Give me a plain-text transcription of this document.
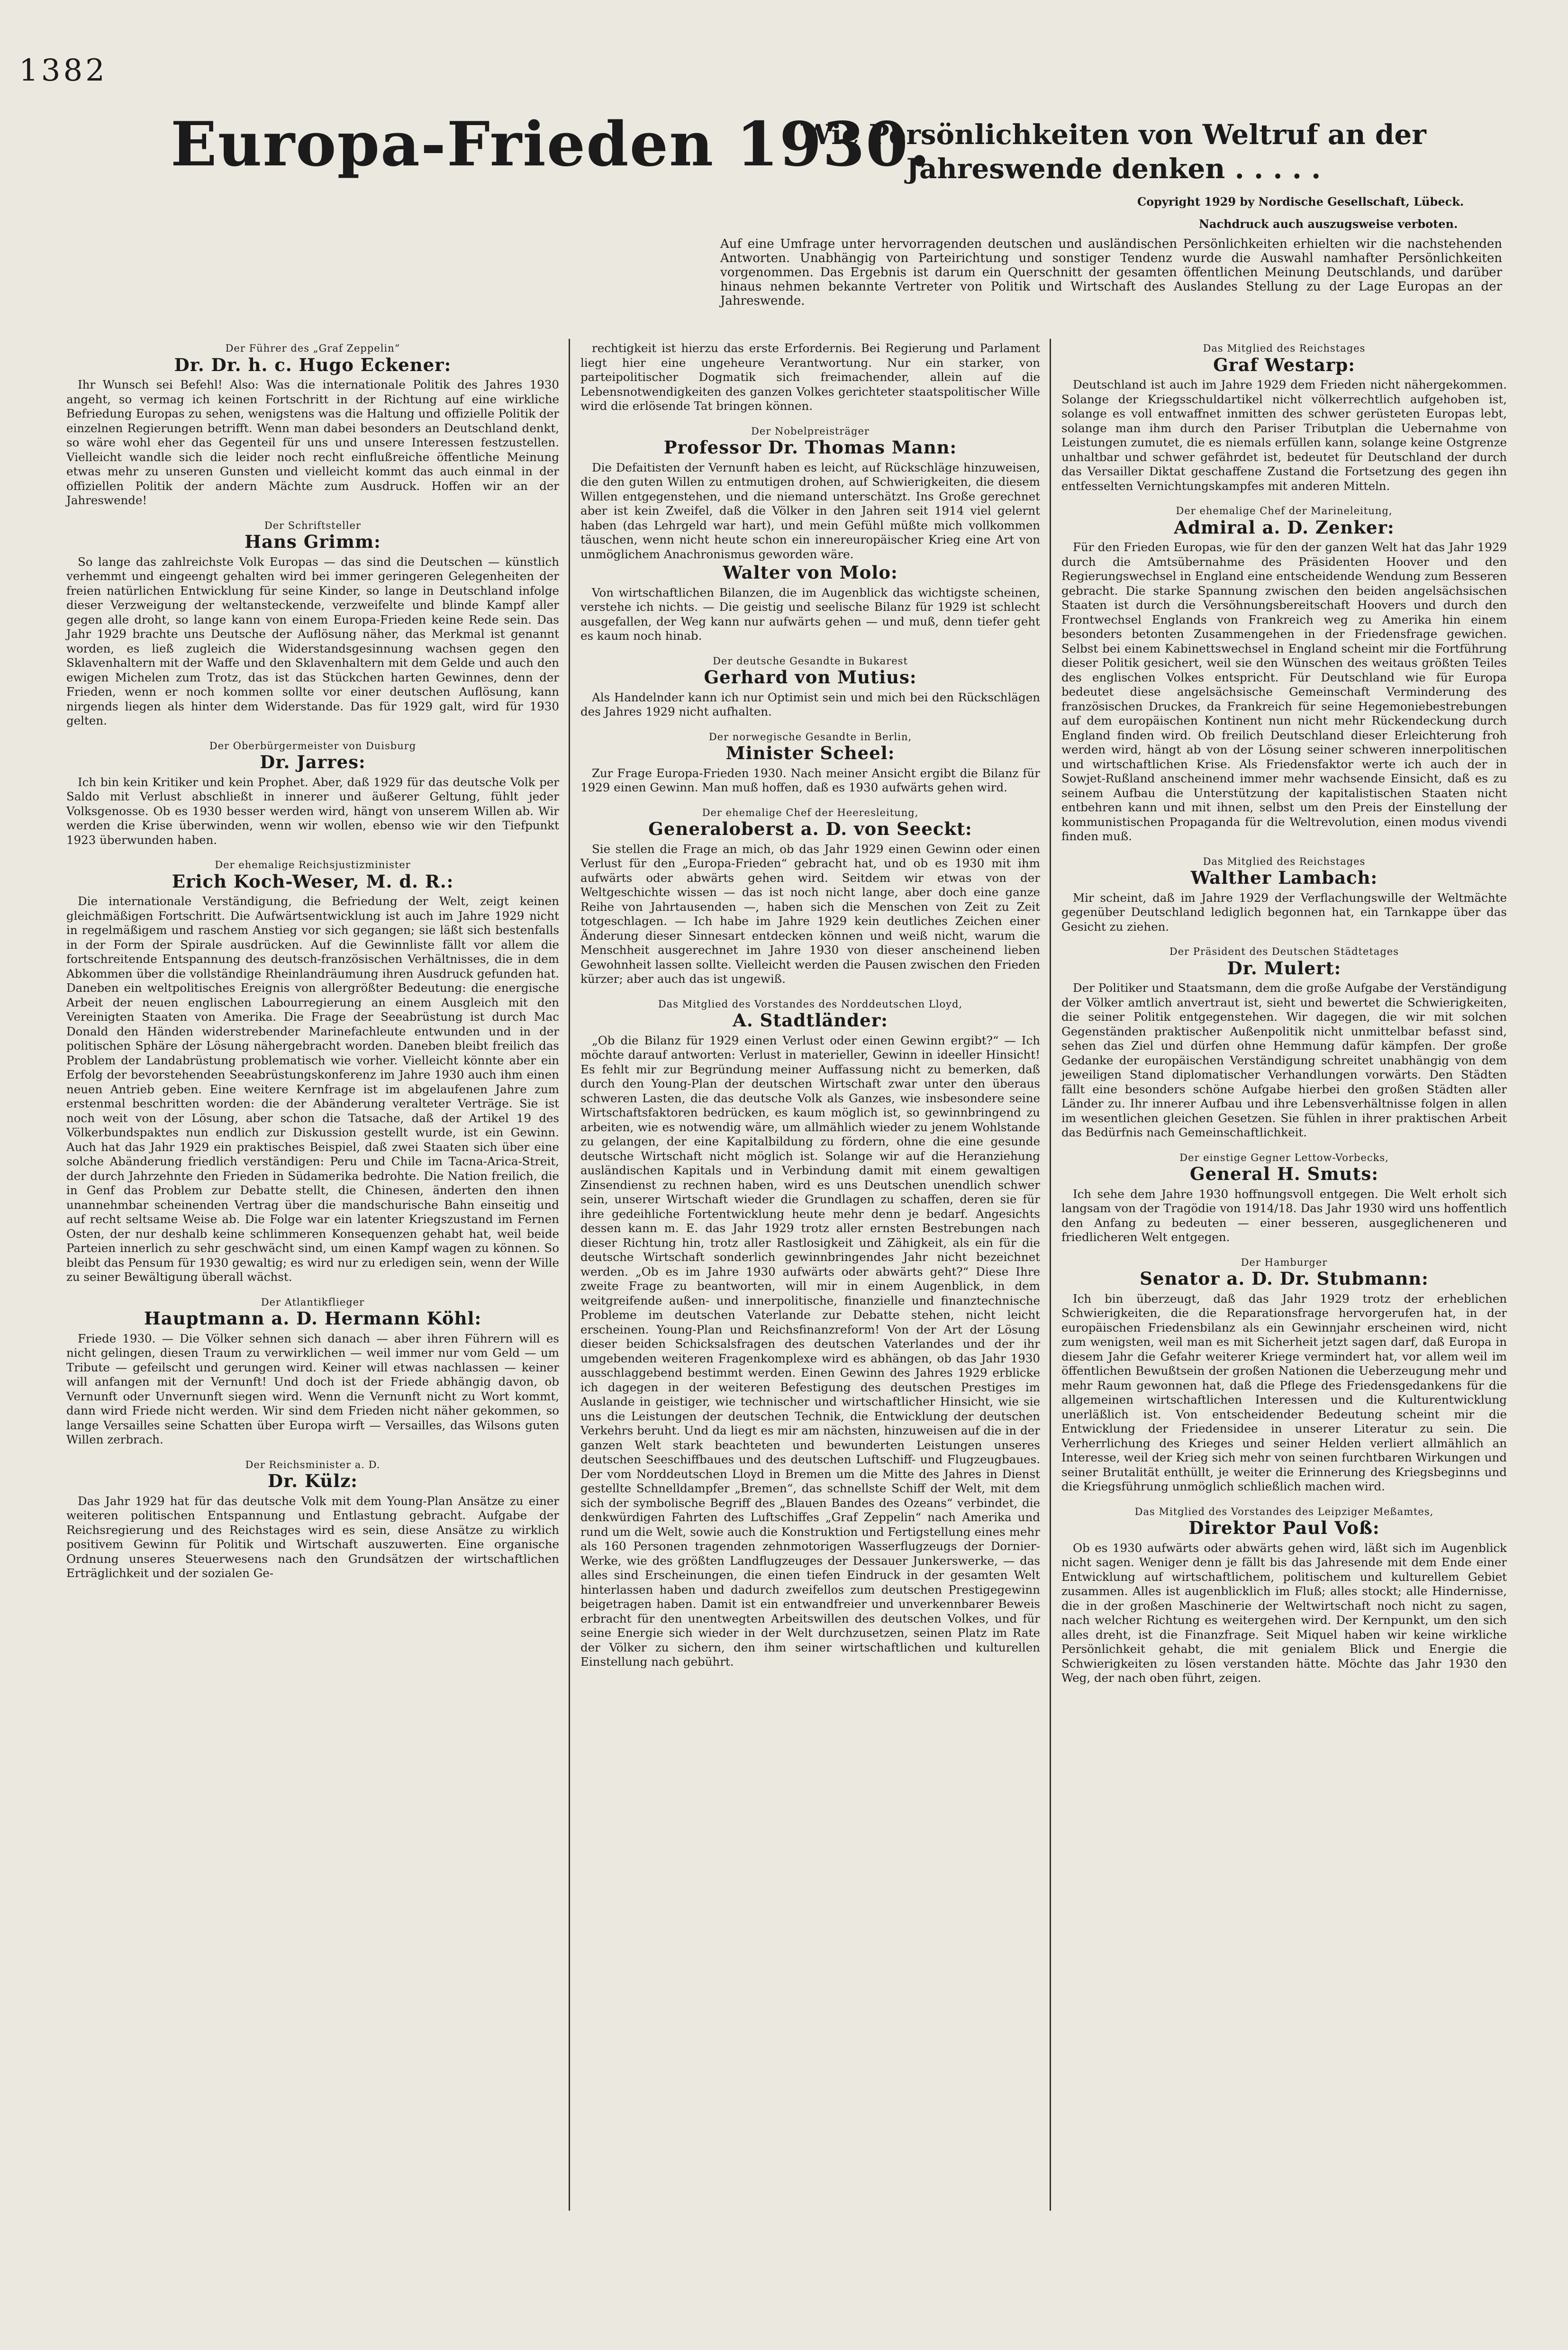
1382
Europa-Frieden 1930.
Wie Persönlichkeiten von Weltruf an der Jahreswende denken . . . . .
Copyright 1929 by Nordische Gesellschaft, Lübeck.
Nachdruck auch auszugsweise verboten.
Auf eine Umfrage unter hervorragenden deutschen und ausländischen Persönlichkeiten erhielten wir die nachstehenden Antworten. Unabhängig von Parteirichtung und sonstiger Tendenz wurde die Auswahl namhafter Persönlichkeiten vorgenommen. Das Ergebnis ist darum ein Querschnitt der gesamten öffentlichen Meinung Deutschlands, und darüber hinaus nehmen bekannte Vertreter von Politik und Wirtschaft des Auslandes Stellung zu der Lage Europas an der Jahreswende.
Der Führer des „Graf Zeppelin“
Dr. Dr. h. c. Hugo Eckener:

Ihr Wunsch sei Befehl! Also: Was die internationale Politik des Jahres 1930 angeht, so vermag ich keinen Fortschritt in der Richtung auf eine wirkliche Befriedung Europas zu sehen, wenigstens was die Haltung und offizielle Politik der einzelnen Regierungen betrifft. Wenn man dabei besonders an Deutschland denkt, so wäre wohl eher das Gegenteil für uns und unsere Interessen festzustellen. Vielleicht wandle sich die leider noch recht einflußreiche öffentliche Meinung etwas mehr zu unseren Gunsten und vielleicht kommt das auch einmal in der offiziellen Politik der andern Mächte zum Ausdruck. Hoffen wir an der Jahreswende!

Der Schriftsteller
Hans Grimm:

So lange das zahlreichste Volk Europas — das sind die Deutschen — künstlich verhemmt und eingeengt gehalten wird bei immer geringeren Gelegenheiten der freien natürlichen Entwicklung für seine Kinder, so lange in Deutschland infolge dieser Verzweigung der weltansteckende, verzweifelte und blinde Kampf aller gegen alle droht, so lange kann von einem Europa-Frieden keine Rede sein. Das Jahr 1929 brachte uns Deutsche der Auflösung näher, das Merkmal ist genannt worden, es ließ zugleich die Widerstandsgesinnung wachsen gegen den Sklavenhaltern mit der Waffe und den Sklavenhaltern mit dem Gelde und auch den ewigen Michelen zum Trotz, das ist das Stückchen harten Gewinnes, denn der Frieden, wenn er noch kommen sollte vor einer deutschen Auflösung, kann nirgends liegen als hinter dem Widerstande. Das für 1929 galt, wird für 1930 gelten.

Der Oberbürgermeister von Duisburg
Dr. Jarres:

Ich bin kein Kritiker und kein Prophet. Aber, daß 1929 für das deutsche Volk per Saldo mit Verlust abschließt in innerer und äußerer Geltung, fühlt jeder Volksgenosse. Ob es 1930 besser werden wird, hängt von unserem Willen ab. Wir werden die Krise überwinden, wenn wir wollen, ebenso wie wir den Tiefpunkt 1923 überwunden haben.

Der ehemalige Reichsjustizminister
Erich Koch-Weser, M. d. R.:

Die internationale Verständigung, die Befriedung der Welt, zeigt keinen gleichmäßigen Fortschritt. Die Aufwärtsentwicklung ist auch im Jahre 1929 nicht in regelmäßigem und raschem Anstieg vor sich gegangen; sie läßt sich bestenfalls in der Form der Spirale ausdrücken. Auf die Gewinnliste fällt vor allem die fortschreitende Entspannung des deutsch-französischen Verhältnisses, die in dem Abkommen über die vollständige Rheinlandräumung ihren Ausdruck gefunden hat. Daneben ein weltpolitisches Ereignis von allergrößter Bedeutung: die energische Arbeit der neuen englischen Labourregierung an einem Ausgleich mit den Vereinigten Staaten von Amerika. Die Frage der Seeabrüstung ist durch Mac Donald den Händen widerstrebender Marinefachleute entwunden und in der politischen Sphäre der Lösung nähergebracht worden. Daneben bleibt freilich das Problem der Landabrüstung problematisch wie vorher. Vielleicht könnte aber ein Erfolg der bevorstehenden Seeabrüstungskonferenz im Jahre 1930 auch ihm einen neuen Antrieb geben. Eine weitere Kernfrage ist im abgelaufenen Jahre zum erstenmal beschritten worden: die der Abänderung veralteter Verträge. Sie ist noch weit von der Lösung, aber schon die Tatsache, daß der Artikel 19 des Völkerbundspaktes nun endlich zur Diskussion gestellt wurde, ist ein Gewinn. Auch hat das Jahr 1929 ein praktisches Beispiel, daß zwei Staaten sich über eine solche Abänderung friedlich verständigen: Peru und Chile im Tacna-Arica-Streit, der durch Jahrzehnte den Frieden in Südamerika bedrohte. Die Nation freilich, die in Genf das Problem zur Debatte stellt, die Chinesen, änderten den ihnen unannehmbar scheinenden Vertrag über die mandschurische Bahn einseitig und auf recht seltsame Weise ab. Die Folge war ein latenter Kriegszustand im Fernen Osten, der nur deshalb keine schlimmeren Konsequenzen gehabt hat, weil beide Parteien innerlich zu sehr geschwächt sind, um einen Kampf wagen zu können. So bleibt das Pensum für 1930 gewaltig; es wird nur zu erledigen sein, wenn der Wille zu seiner Bewältigung überall wächst.

Der Atlantikflieger
Hauptmann a. D. Hermann Köhl:

Friede 1930. — Die Völker sehnen sich danach — aber ihren Führern will es nicht gelingen, diesen Traum zu verwirklichen — weil immer nur vom Geld — um Tribute — gefeilscht und gerungen wird. Keiner will etwas nachlassen — keiner will anfangen mit der Vernunft! Und doch ist der Friede abhängig davon, ob Vernunft oder Unvernunft siegen wird. Wenn die Vernunft nicht zu Wort kommt, dann wird Friede nicht werden. Wir sind dem Frieden nicht näher gekommen, so lange Versailles seine Schatten über Europa wirft — Versailles, das Wilsons guten Willen zerbrach.

Der Reichsminister a. D.
Dr. Külz:

Das Jahr 1929 hat für das deutsche Volk mit dem Young-Plan Ansätze zu einer weiteren politischen Entspannung und Entlastung gebracht. Aufgabe der Reichsregierung und des Reichstages wird es sein, diese Ansätze zu wirklich positivem Gewinn für Politik und Wirtschaft auszuwerten. Eine organische Ordnung unseres Steuerwesens nach den Grundsätzen der wirtschaftlichen Erträglichkeit und der sozialen Ge-

rechtigkeit ist hierzu das erste Erfordernis. Bei Regierung und Parlament liegt hier eine ungeheure Verantwortung. Nur ein starker, von parteipolitischer Dogmatik sich freimachender, allein auf die Lebensnotwendigkeiten des ganzen Volkes gerichteter staatspolitischer Wille wird die erlösende Tat bringen können.

Der Nobelpreisträger
Professor Dr. Thomas Mann:

Die Defaitisten der Vernunft haben es leicht, auf Rückschläge hinzuweisen, die den guten Willen zu entmutigen drohen, auf Schwierigkeiten, die diesem Willen entgegenstehen, und die niemand unterschätzt. Ins Große gerechnet aber ist kein Zweifel, daß die Völker in den Jahren seit 1914 viel gelernt haben (das Lehrgeld war hart), und mein Gefühl müßte mich vollkommen täuschen, wenn nicht heute schon ein innereuropäischer Krieg eine Art von unmöglichem Anachronismus geworden wäre.

Walter von Molo:

Von wirtschaftlichen Bilanzen, die im Augenblick das wichtigste scheinen, verstehe ich nichts. — Die geistig und seelische Bilanz für 1929 ist schlecht ausgefallen, der Weg kann nur aufwärts gehen — und muß, denn tiefer geht es kaum noch hinab.

Der deutsche Gesandte in Bukarest
Gerhard von Mutius:

Als Handelnder kann ich nur Optimist sein und mich bei den Rückschlägen des Jahres 1929 nicht aufhalten.

Der norwegische Gesandte in Berlin,
Minister Scheel:

Zur Frage Europa-Frieden 1930. Nach meiner Ansicht ergibt die Bilanz für 1929 einen Gewinn. Man muß hoffen, daß es 1930 aufwärts gehen wird.

Der ehemalige Chef der Heeresleitung,
Generaloberst a. D. von Seeckt:

Sie stellen die Frage an mich, ob das Jahr 1929 einen Gewinn oder einen Verlust für den „Europa-Frieden“ gebracht hat, und ob es 1930 mit ihm aufwärts oder abwärts gehen wird. Seitdem wir etwas von der Weltgeschichte wissen — das ist noch nicht lange, aber doch eine ganze Reihe von Jahrtausenden —, haben sich die Menschen von Zeit zu Zeit totgeschlagen. — Ich habe im Jahre 1929 kein deutliches Zeichen einer Änderung dieser Sinnesart entdecken können und weiß nicht, warum die Menschheit ausgerechnet im Jahre 1930 von dieser anscheinend lieben Gewohnheit lassen sollte. Vielleicht werden die Pausen zwischen den Frieden kürzer; aber auch das ist ungewiß.

Das Mitglied des Vorstandes des Norddeutschen Lloyd,
A. Stadtländer:

„Ob die Bilanz für 1929 einen Verlust oder einen Gewinn ergibt?“ — Ich möchte darauf antworten: Verlust in materieller, Gewinn in ideeller Hinsicht! Es fehlt mir zur Begründung meiner Auffassung nicht zu bemerken, daß durch den Young-Plan der deutschen Wirtschaft zwar unter den überaus schweren Lasten, die das deutsche Volk als Ganzes, wie insbesondere seine Wirtschaftsfaktoren bedrücken, es kaum möglich ist, so gewinnbringend zu arbeiten, wie es notwendig wäre, um allmählich wieder zu jenem Wohlstande zu gelangen, der eine Kapitalbildung zu fördern, ohne die eine gesunde deutsche Wirtschaft nicht möglich ist. Solange wir auf die Heranziehung ausländischen Kapitals und in Verbindung damit mit einem gewaltigen Zinsendienst zu rechnen haben, wird es uns Deutschen unendlich schwer sein, unserer Wirtschaft wieder die Grundlagen zu schaffen, deren sie für ihre gedeihliche Fortentwicklung heute mehr denn je bedarf. Angesichts dessen kann m. E. das Jahr 1929 trotz aller ernsten Bestrebungen nach dieser Richtung hin, trotz aller Rastlosigkeit und Zähigkeit, als ein für die deutsche Wirtschaft sonderlich gewinnbringendes Jahr nicht bezeichnet werden. „Ob es im Jahre 1930 aufwärts oder abwärts geht?“ Diese Ihre zweite Frage zu beantworten, will mir in einem Augenblick, in dem weitgreifende außen- und innerpolitische, finanzielle und finanztechnische Probleme im deutschen Vaterlande zur Debatte stehen, nicht leicht erscheinen. Young-Plan und Reichsfinanzreform! Von der Art der Lösung dieser beiden Schicksalsfragen des deutschen Vaterlandes und der ihr umgebenden weiteren Fragenkomplexe wird es abhängen, ob das Jahr 1930 ausschlaggebend bestimmt werden. Einen Gewinn des Jahres 1929 erblicke ich dagegen in der weiteren Befestigung des deutschen Prestiges im Auslande in geistiger, wie technischer und wirtschaftlicher Hinsicht, wie sie uns die Leistungen der deutschen Technik, die Entwicklung der deutschen Verkehrs beruht. Und da liegt es mir am nächsten, hinzuweisen auf die in der ganzen Welt stark beachteten und bewunderten Leistungen unseres deutschen Seeschiffbaues und des deutschen Luftschiff- und Flugzeugbaues. Der vom Norddeutschen Lloyd in Bremen um die Mitte des Jahres in Dienst gestellte Schnelldampfer „Bremen“, das schnellste Schiff der Welt, mit dem sich der symbolische Begriff des „Blauen Bandes des Ozeans“ verbindet, die denkwürdigen Fahrten des Luftschiffes „Graf Zeppelin“ nach Amerika und rund um die Welt, sowie auch die Konstruktion und Fertigstellung eines mehr als 160 Personen tragenden zehnmotorigen Wasserflugzeugs der Dornier-Werke, wie des größten Landflugzeuges der Dessauer Junkerswerke, — das alles sind Erscheinungen, die einen tiefen Eindruck in der gesamten Welt hinterlassen haben und dadurch zweifellos zum deutschen Prestigegewinn beigetragen haben. Damit ist ein entwandfreier und unverkennbarer Beweis erbracht für den unentwegten Arbeitswillen des deutschen Volkes, und für seine Energie sich wieder in der Welt durchzusetzen, seinen Platz im Rate der Völker zu sichern, den ihm seiner wirtschaftlichen und kulturellen Einstellung nach gebührt.

Das Mitglied des Reichstages
Graf Westarp:

Deutschland ist auch im Jahre 1929 dem Frieden nicht nähergekommen. Solange der Kriegsschuldartikel nicht völkerrechtlich aufgehoben ist, solange es voll entwaffnet inmitten des schwer gerüsteten Europas lebt, solange man ihm durch den Pariser Tributplan die Uebernahme von Leistungen zumutet, die es niemals erfüllen kann, solange keine Ostgrenze unhaltbar und schwer gefährdet ist, bedeutet für Deutschland der durch das Versailler Diktat geschaffene Zustand die Fortsetzung des gegen ihn entfesselten Vernichtungskampfes mit anderen Mitteln.

Der ehemalige Chef der Marineleitung,
Admiral a. D. Zenker:

Für den Frieden Europas, wie für den der ganzen Welt hat das Jahr 1929 durch die Amtsübernahme des Präsidenten Hoover und den Regierungswechsel in England eine entscheidende Wendung zum Besseren gebracht. Die starke Spannung zwischen den beiden angelsächsischen Staaten ist durch die Versöhnungsbereitschaft Hoovers und durch den Frontwechsel Englands von Frankreich weg zu Amerika hin einem besonders betonten Zusammengehen in der Friedensfrage gewichen. Selbst bei einem Kabinettswechsel in England scheint mir die Fortführung dieser Politik gesichert, weil sie den Wünschen des weitaus größten Teiles des englischen Volkes entspricht. Für Deutschland wie für Europa bedeutet diese angelsächsische Gemeinschaft Verminderung des französischen Druckes, da Frankreich für seine Hegemoniebestrebungen auf dem europäischen Kontinent nun nicht mehr Rückendeckung durch England finden wird. Ob freilich Deutschland dieser Erleichterung froh werden wird, hängt ab von der Lösung seiner schweren innerpolitischen und wirtschaftlichen Krise. Als Friedensfaktor werte ich auch der in Sowjet-Rußland anscheinend immer mehr wachsende Einsicht, daß es zu seinem Aufbau die Unterstützung der kapitalistischen Staaten nicht entbehren kann und mit ihnen, selbst um den Preis der Einstellung der kommunistischen Propaganda für die Weltrevolution, einen modus vivendi finden muß.

Das Mitglied des Reichstages
Walther Lambach:

Mir scheint, daß im Jahre 1929 der Verflachungswille der Weltmächte gegenüber Deutschland lediglich begonnen hat, ein Tarnkappe über das Gesicht zu ziehen.

Der Präsident des Deutschen Städtetages
Dr. Mulert:

Der Politiker und Staatsmann, dem die große Aufgabe der Verständigung der Völker amtlich anvertraut ist, sieht und bewertet die Schwierigkeiten, die seiner Politik entgegenstehen. Wir dagegen, die wir mit solchen Gegenständen praktischer Außenpolitik nicht unmittelbar befasst sind, sehen das Ziel und dürfen ohne Hemmung dafür kämpfen. Der große Gedanke der europäischen Verständigung schreitet unabhängig von dem jeweiligen Stand diplomatischer Verhandlungen vorwärts. Den Städten fällt eine besonders schöne Aufgabe hierbei den großen Städten aller Länder zu. Ihr innerer Aufbau und ihre Lebensverhältnisse folgen in allen im wesentlichen gleichen Gesetzen. Sie fühlen in ihrer praktischen Arbeit das Bedürfnis nach Gemeinschaftlichkeit.

Der einstige Gegner Lettow-Vorbecks,
General H. Smuts:

Ich sehe dem Jahre 1930 hoffnungsvoll entgegen. Die Welt erholt sich langsam von der Tragödie von 1914/18. Das Jahr 1930 wird uns hoffentlich den Anfang zu bedeuten — einer besseren, ausgeglicheneren und friedlicheren Welt entgegen.

Der Hamburger
Senator a. D. Dr. Stubmann:

Ich bin überzeugt, daß das Jahr 1929 trotz der erheblichen Schwierigkeiten, die die Reparationsfrage hervorgerufen hat, in der europäischen Friedensbilanz als ein Gewinnjahr erscheinen wird, nicht zum wenigsten, weil man es mit Sicherheit jetzt sagen darf, daß Europa in diesem Jahr die Gefahr weiterer Kriege vermindert hat, vor allem weil im öffentlichen Bewußtsein der großen Nationen die Ueberzeugung mehr und mehr Raum gewonnen hat, daß die Pflege des Friedensgedankens für die allgemeinen wirtschaftlichen Interessen und die Kulturentwicklung unerläßlich ist. Von entscheidender Bedeutung scheint mir die Entwicklung der Friedensidee in unserer Literatur zu sein. Die Verherrlichung des Krieges und seiner Helden verliert allmählich an Interesse, weil der Krieg sich mehr von seinen furchtbaren Wirkungen und seiner Brutalität enthüllt, je weiter die Erinnerung des Kriegsbeginns und die Kriegsführung unmöglich schließlich machen wird.

Das Mitglied des Vorstandes des Leipziger Meßamtes,
Direktor Paul Voß:

Ob es 1930 aufwärts oder abwärts gehen wird, läßt sich im Augenblick nicht sagen. Weniger denn je fällt bis das Jahresende mit dem Ende einer Entwicklung auf wirtschaftlichem, politischem und kulturellem Gebiet zusammen. Alles ist augenblicklich im Fluß; alles stockt; alle Hindernisse, die in der großen Maschinerie der Weltwirtschaft noch nicht zu sagen, nach welcher Richtung es weitergehen wird. Der Kernpunkt, um den sich alles dreht, ist die Finanzfrage. Seit Miquel haben wir keine wirkliche Persönlichkeit gehabt, die mit genialem Blick und Energie die Schwierigkeiten zu lösen verstanden hätte. Möchte das Jahr 1930 den Weg, der nach oben führt, zeigen.
